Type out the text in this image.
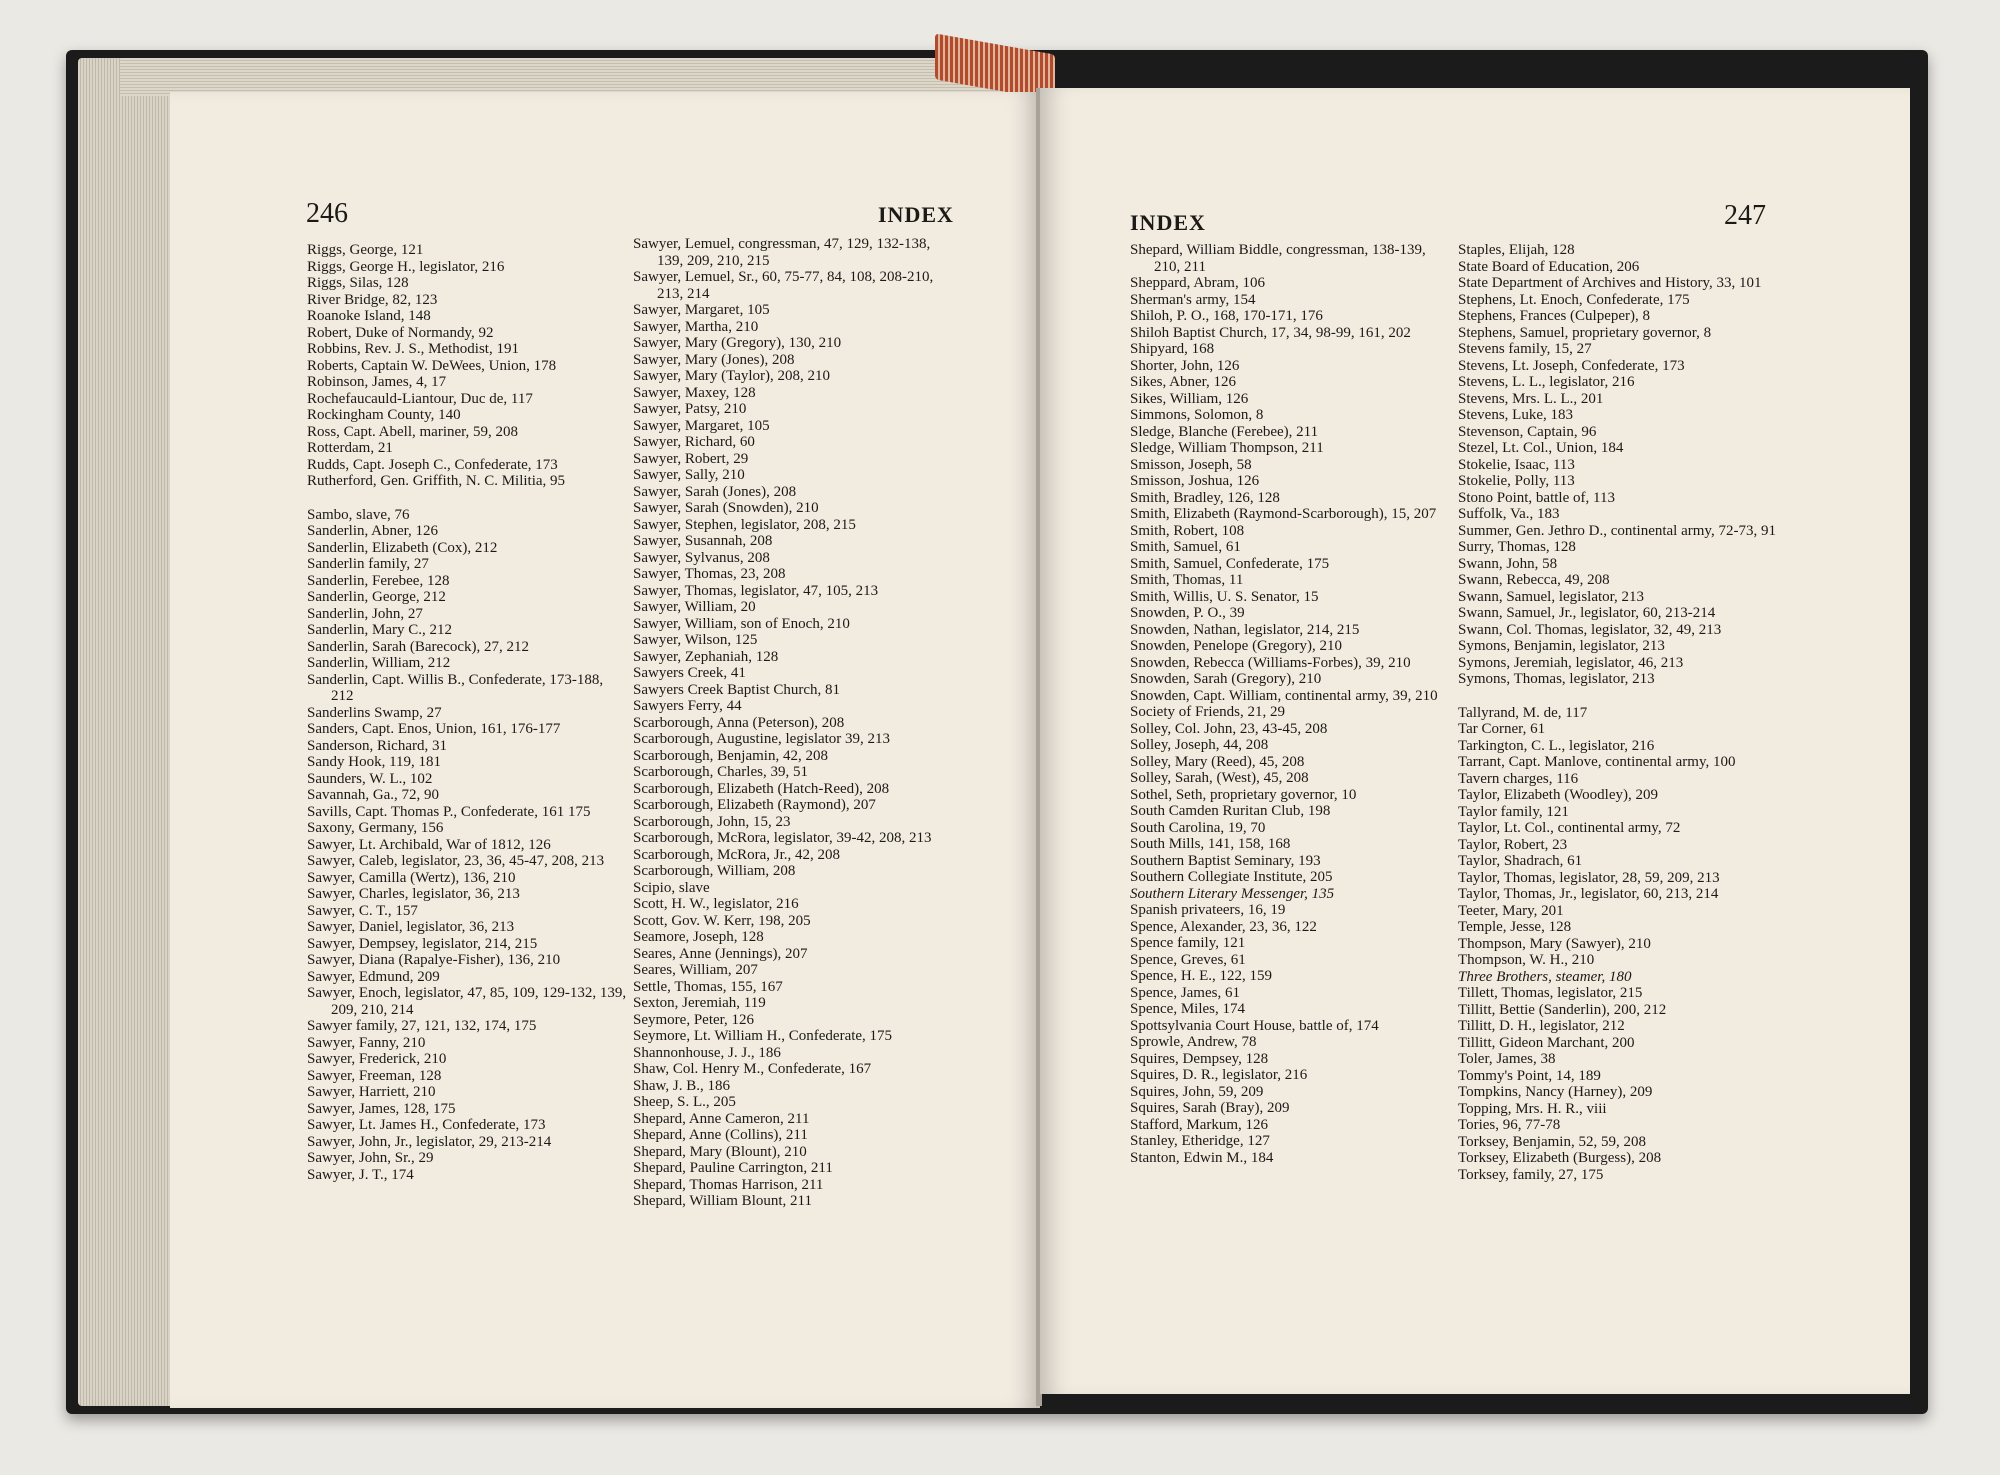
246	INDEX
Riggs, George, 121
Riggs, George H., legislator, 216
Riggs, Silas, 128
River Bridge, 82, 123
Roanoke Island, 148
Robert, Duke of Normandy, 92
Robbins, Rev. J. S., Methodist, 191
Roberts, Captain W. DeWees, Union, 178
Robinson, James, 4, 17
Rochefaucauld-Liantour, Duc de, 117
Rockingham County, 140
Ross, Capt. Abell, mariner, 59, 208
Rotterdam, 21
Rudds, Capt. Joseph C., Confederate, 173
Rutherford, Gen. Griffith, N. C. Militia, 95
Sambo, slave, 76
Sanderlin, Abner, 126
Sanderlin, Elizabeth (Cox), 212
Sanderlin family, 27
Sanderlin, Ferebee, 128
Sanderlin, George, 212
Sanderlin, John, 27
Sanderlin, Mary C., 212
Sanderlin, Sarah (Barecock), 27, 212
Sanderlin, William, 212
Sanderlin, Capt. Willis B., Confederate, 173-188, 212
Sanderlins Swamp, 27
Sanders, Capt. Enos, Union, 161, 176-177
Sanderson, Richard, 31
Sandy Hook, 119, 181
Saunders, W. L., 102
Savannah, Ga., 72, 90
Savills, Capt. Thomas P., Confederate, 161 175
Saxony, Germany, 156
Sawyer, Lt. Archibald, War of 1812, 126
Sawyer, Caleb, legislator, 23, 36, 45-47, 208, 213
Sawyer, Camilla (Wertz), 136, 210
Sawyer, Charles, legislator, 36, 213
Sawyer, C. T., 157
Sawyer, Daniel, legislator, 36, 213
Sawyer, Dempsey, legislator, 214, 215
Sawyer, Diana (Rapalye-Fisher), 136, 210
Sawyer, Edmund, 209
Sawyer, Enoch, legislator, 47, 85, 109, 129-132, 139, 209, 210, 214
Sawyer family, 27, 121, 132, 174, 175
Sawyer, Fanny, 210
Sawyer, Frederick, 210
Sawyer, Freeman, 128
Sawyer, Harriett, 210
Sawyer, James, 128, 175
Sawyer, Lt. James H., Confederate, 173
Sawyer, John, Jr., legislator, 29, 213-214
Sawyer, John, Sr., 29
Sawyer, J. T., 174
Sawyer, Lemuel, congressman, 47, 129, 132-138, 139, 209, 210, 215
Sawyer, Lemuel, Sr., 60, 75-77, 84, 108, 208-210, 213, 214
Sawyer, Margaret, 105
Sawyer, Martha, 210
Sawyer, Mary (Gregory), 130, 210
Sawyer, Mary (Jones), 208
Sawyer, Mary (Taylor), 208, 210
Sawyer, Maxey, 128
Sawyer, Patsy, 210
Sawyer, Margaret, 105
Sawyer, Richard, 60
Sawyer, Robert, 29
Sawyer, Sally, 210
Sawyer, Sarah (Jones), 208
Sawyer, Sarah (Snowden), 210
Sawyer, Stephen, legislator, 208, 215
Sawyer, Susannah, 208
Sawyer, Sylvanus, 208
Sawyer, Thomas, 23, 208
Sawyer, Thomas, legislator, 47, 105, 213
Sawyer, William, 20
Sawyer, William, son of Enoch, 210
Sawyer, Wilson, 125
Sawyer, Zephaniah, 128
Sawyers Creek, 41
Sawyers Creek Baptist Church, 81
Sawyers Ferry, 44
Scarborough, Anna (Peterson), 208
Scarborough, Augustine, legislator 39, 213
Scarborough, Benjamin, 42, 208
Scarborough, Charles, 39, 51
Scarborough, Elizabeth (Hatch-Reed), 208
Scarborough, Elizabeth (Raymond), 207
Scarborough, John, 15, 23
Scarborough, McRora, legislator, 39-42, 208, 213
Scarborough, McRora, Jr., 42, 208
Scarborough, William, 208
Scipio, slave
Scott, H. W., legislator, 216
Scott, Gov. W. Kerr, 198, 205
Seamore, Joseph, 128
Seares, Anne (Jennings), 207
Seares, William, 207
Settle, Thomas, 155, 167
Sexton, Jeremiah, 119
Seymore, Peter, 126
Seymore, Lt. William H., Confederate, 175
Shannonhouse, J. J., 186
Shaw, Col. Henry M., Confederate, 167
Shaw, J. B., 186
Sheep, S. L., 205
Shepard, Anne Cameron, 211
Shepard, Anne (Collins), 211
Shepard, Mary (Blount), 210
Shepard, Pauline Carrington, 211
Shepard, Thomas Harrison, 211
Shepard, William Blount, 211
INDEX	247
Shepard, William Biddle, congressman, 138-139, 210, 211
Sheppard, Abram, 106
Sherman's army, 154
Shiloh, P. O., 168, 170-171, 176
Shiloh Baptist Church, 17, 34, 98-99, 161, 202
Shipyard, 168
Shorter, John, 126
Sikes, Abner, 126
Sikes, William, 126
Simmons, Solomon, 8
Sledge, Blanche (Ferebee), 211
Sledge, William Thompson, 211
Smisson, Joseph, 58
Smisson, Joshua, 126
Smith, Bradley, 126, 128
Smith, Elizabeth (Raymond-Scarborough), 15, 207
Smith, Robert, 108
Smith, Samuel, 61
Smith, Samuel, Confederate, 175
Smith, Thomas, 11
Smith, Willis, U. S. Senator, 15
Snowden, P. O., 39
Snowden, Nathan, legislator, 214, 215
Snowden, Penelope (Gregory), 210
Snowden, Rebecca (Williams-Forbes), 39, 210
Snowden, Sarah (Gregory), 210
Snowden, Capt. William, continental army, 39, 210
Society of Friends, 21, 29
Solley, Col. John, 23, 43-45, 208
Solley, Joseph, 44, 208
Solley, Mary (Reed), 45, 208
Solley, Sarah, (West), 45, 208
Sothel, Seth, proprietary governor, 10
South Camden Ruritan Club, 198
South Carolina, 19, 70
South Mills, 141, 158, 168
Southern Baptist Seminary, 193
Southern Collegiate Institute, 205
Southern Literary Messenger, 135
Spanish privateers, 16, 19
Spence, Alexander, 23, 36, 122
Spence family, 121
Spence, Greves, 61
Spence, H. E., 122, 159
Spence, James, 61
Spence, Miles, 174
Spottsylvania Court House, battle of, 174
Sprowle, Andrew, 78
Squires, Dempsey, 128
Squires, D. R., legislator, 216
Squires, John, 59, 209
Squires, Sarah (Bray), 209
Stafford, Markum, 126
Stanley, Etheridge, 127
Stanton, Edwin M., 184
Staples, Elijah, 128
State Board of Education, 206
State Department of Archives and History, 33, 101
Stephens, Lt. Enoch, Confederate, 175
Stephens, Frances (Culpeper), 8
Stephens, Samuel, proprietary governor, 8
Stevens family, 15, 27
Stevens, Lt. Joseph, Confederate, 173
Stevens, L. L., legislator, 216
Stevens, Mrs. L. L., 201
Stevens, Luke, 183
Stevenson, Captain, 96
Stezel, Lt. Col., Union, 184
Stokelie, Isaac, 113
Stokelie, Polly, 113
Stono Point, battle of, 113
Suffolk, Va., 183
Summer, Gen. Jethro D., continental army, 72-73, 91
Surry, Thomas, 128
Swann, John, 58
Swann, Rebecca, 49, 208
Swann, Samuel, legislator, 213
Swann, Samuel, Jr., legislator, 60, 213-214
Swann, Col. Thomas, legislator, 32, 49, 213
Symons, Benjamin, legislator, 213
Symons, Jeremiah, legislator, 46, 213
Symons, Thomas, legislator, 213
Tallyrand, M. de, 117
Tar Corner, 61
Tarkington, C. L., legislator, 216
Tarrant, Capt. Manlove, continental army, 100
Tavern charges, 116
Taylor, Elizabeth (Woodley), 209
Taylor family, 121
Taylor, Lt. Col., continental army, 72
Taylor, Robert, 23
Taylor, Shadrach, 61
Taylor, Thomas, legislator, 28, 59, 209, 213
Taylor, Thomas, Jr., legislator, 60, 213, 214
Teeter, Mary, 201
Temple, Jesse, 128
Thompson, Mary (Sawyer), 210
Thompson, W. H., 210
Three Brothers, steamer, 180
Tillett, Thomas, legislator, 215
Tillitt, Bettie (Sanderlin), 200, 212
Tillitt, D. H., legislator, 212
Tillitt, Gideon Marchant, 200
Toler, James, 38
Tommy's Point, 14, 189
Tompkins, Nancy (Harney), 209
Topping, Mrs. H. R., viii
Tories, 96, 77-78
Torksey, Benjamin, 52, 59, 208
Torksey, Elizabeth (Burgess), 208
Torksey, family, 27, 175
